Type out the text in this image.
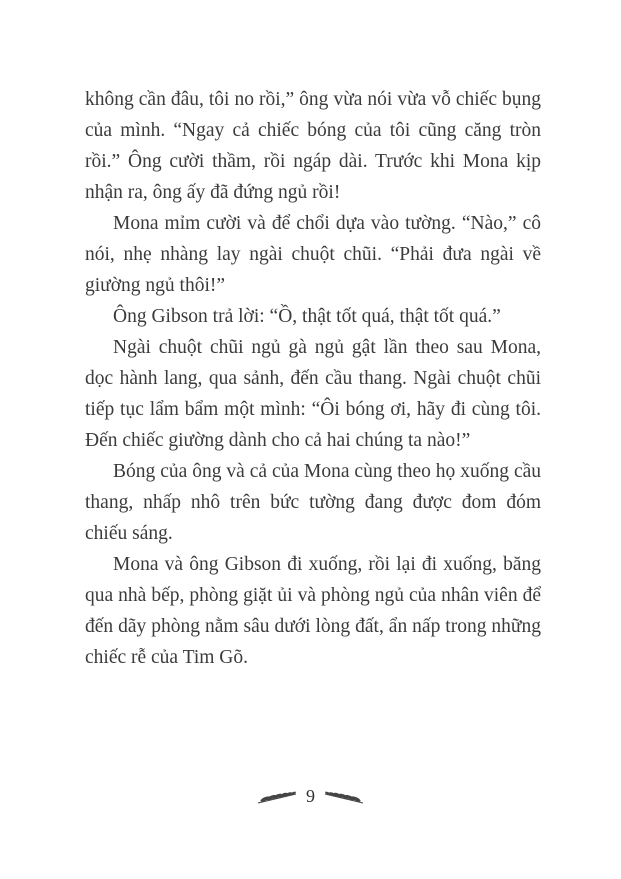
không cần đâu, tôi no rồi,” ông vừa nói vừa vỗ chiếc bụng của mình. “Ngay cả chiếc bóng của tôi cũng căng tròn rồi.” Ông cười thầm, rồi ngáp dài. Trước khi Mona kịp nhận ra, ông ấy đã đứng ngủ rồi!

Mona mỉm cười và để chổi dựa vào tường. “Nào,” cô nói, nhẹ nhàng lay ngài chuột chũi. “Phải đưa ngài về giường ngủ thôi!”

Ông Gibson trả lời: “Ồ, thật tốt quá, thật tốt quá.”

Ngài chuột chũi ngủ gà ngủ gật lần theo sau Mona, dọc hành lang, qua sảnh, đến cầu thang. Ngài chuột chũi tiếp tục lẩm bẩm một mình: “Ôi bóng ơi, hãy đi cùng tôi. Đến chiếc giường dành cho cả hai chúng ta nào!”

Bóng của ông và cả của Mona cùng theo họ xuống cầu thang, nhấp nhô trên bức tường đang được đom đóm chiếu sáng.

Mona và ông Gibson đi xuống, rồi lại đi xuống, băng qua nhà bếp, phòng giặt ủi và phòng ngủ của nhân viên để đến dãy phòng nằm sâu dưới lòng đất, ẩn nấp trong những chiếc rễ của Tim Gõ.

9
